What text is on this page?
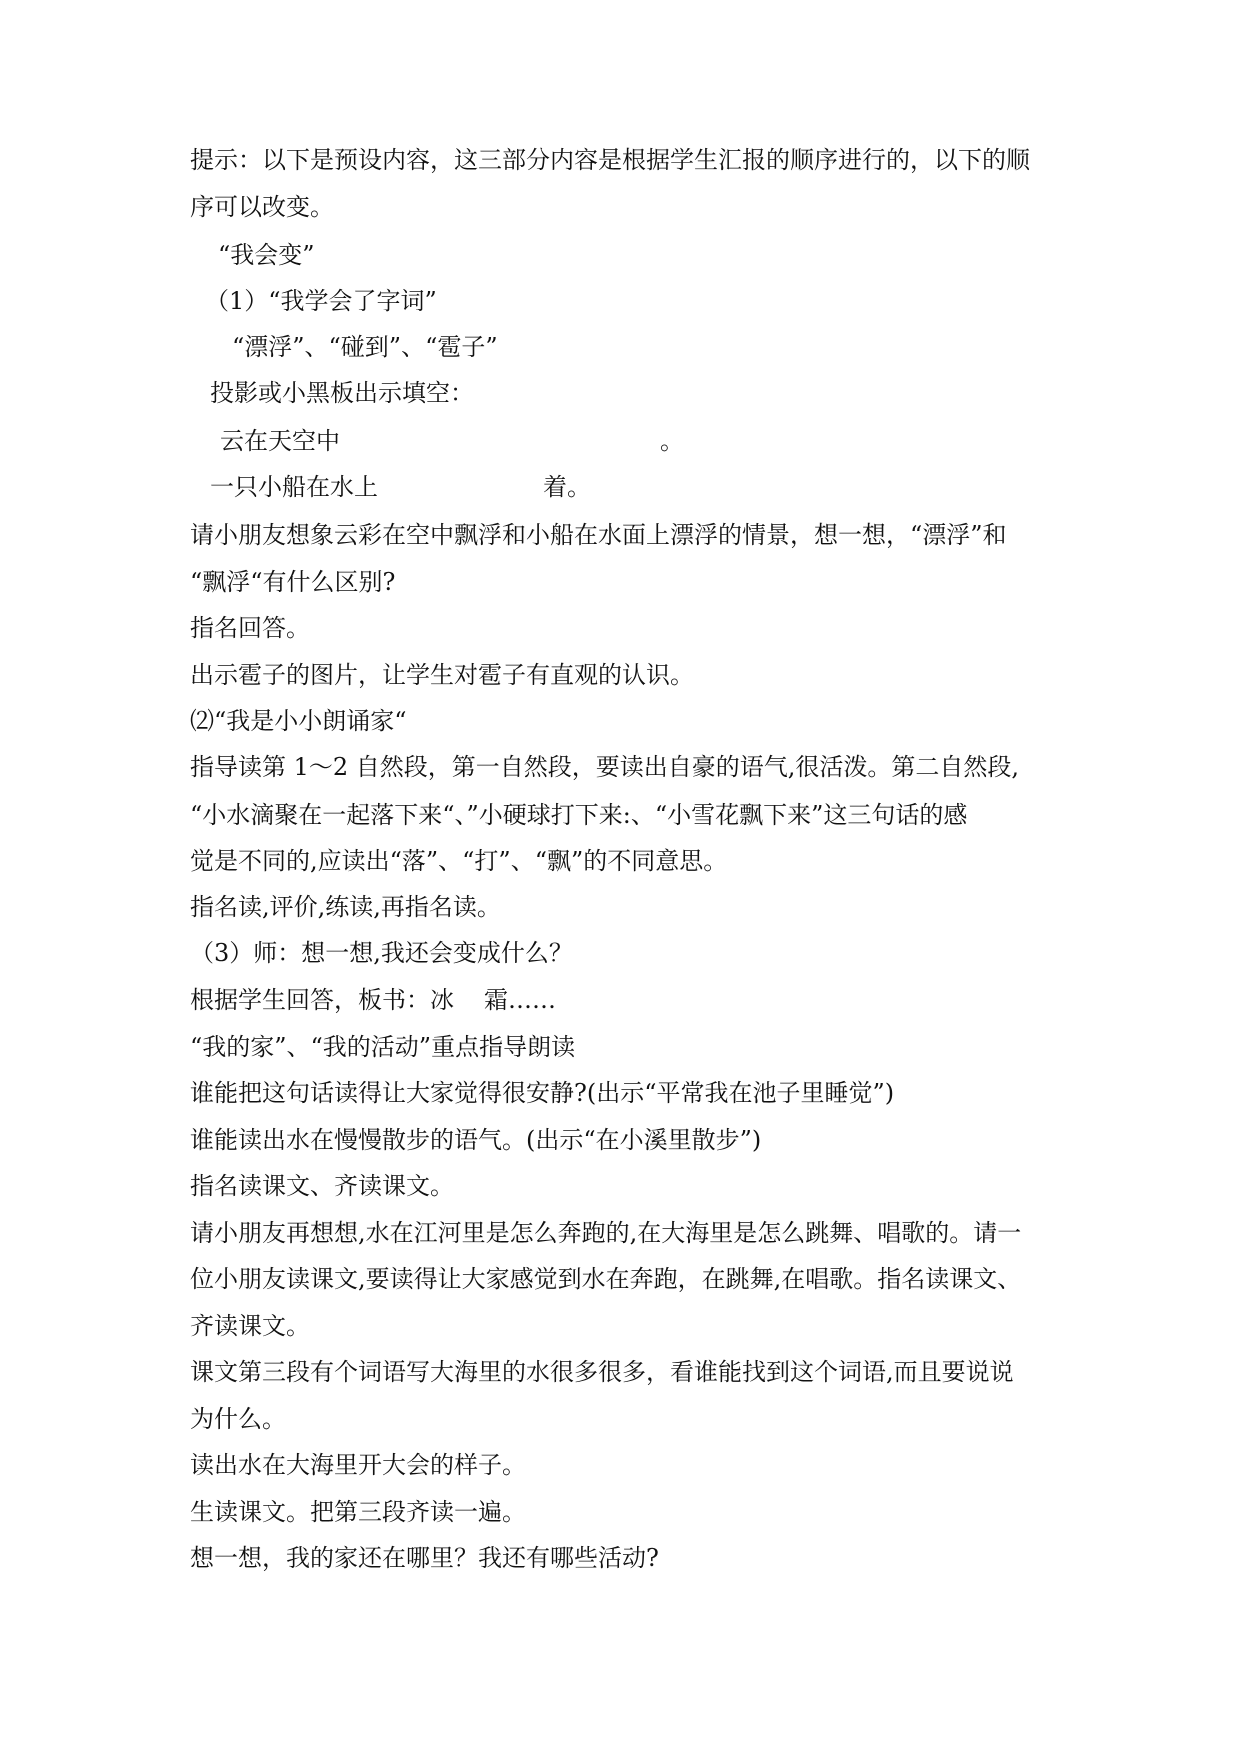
提示：以下是预设内容，这三部分内容是根据学生汇报的顺序进行的，以下的顺
序可以改变。
“我会变”
（1）“我学会了字词”
“漂浮”、“碰到”、“雹子”
投影或小黑板出示填空：
云在天空中	。
一只小船在水上	着。
请小朋友想象云彩在空中飘浮和小船在水面上漂浮的情景，想一想，“漂浮”和
“飘浮“有什么区别?
指名回答。
出示雹子的图片，让学生对雹子有直观的认识。
⑵“我是小小朗诵家“
指导读第 1～2 自然段，第一自然段，要读出自豪的语气,很活泼。第二自然段,
“小水滴聚在一起落下来“、”小硬球打下来:、“小雪花飘下来”这三句话的感
觉是不同的,应读出“落”、“打”、“飘”的不同意思。
指名读,评价,练读,再指名读。
（3）师：想一想,我还会变成什么？
根据学生回答，板书：冰 霜……
“我的家”、“我的活动”重点指导朗读
谁能把这句话读得让大家觉得很安静?(出示“平常我在池子里睡觉”)
谁能读出水在慢慢散步的语气。(出示“在小溪里散步”)
指名读课文、齐读课文。
请小朋友再想想,水在江河里是怎么奔跑的,在大海里是怎么跳舞、唱歌的。请一
位小朋友读课文,要读得让大家感觉到水在奔跑，在跳舞,在唱歌。指名读课文、
齐读课文。
课文第三段有个词语写大海里的水很多很多，看谁能找到这个词语,而且要说说
为什么。
读出水在大海里开大会的样子。
生读课文。把第三段齐读一遍。
想一想，我的家还在哪里？我还有哪些活动?
